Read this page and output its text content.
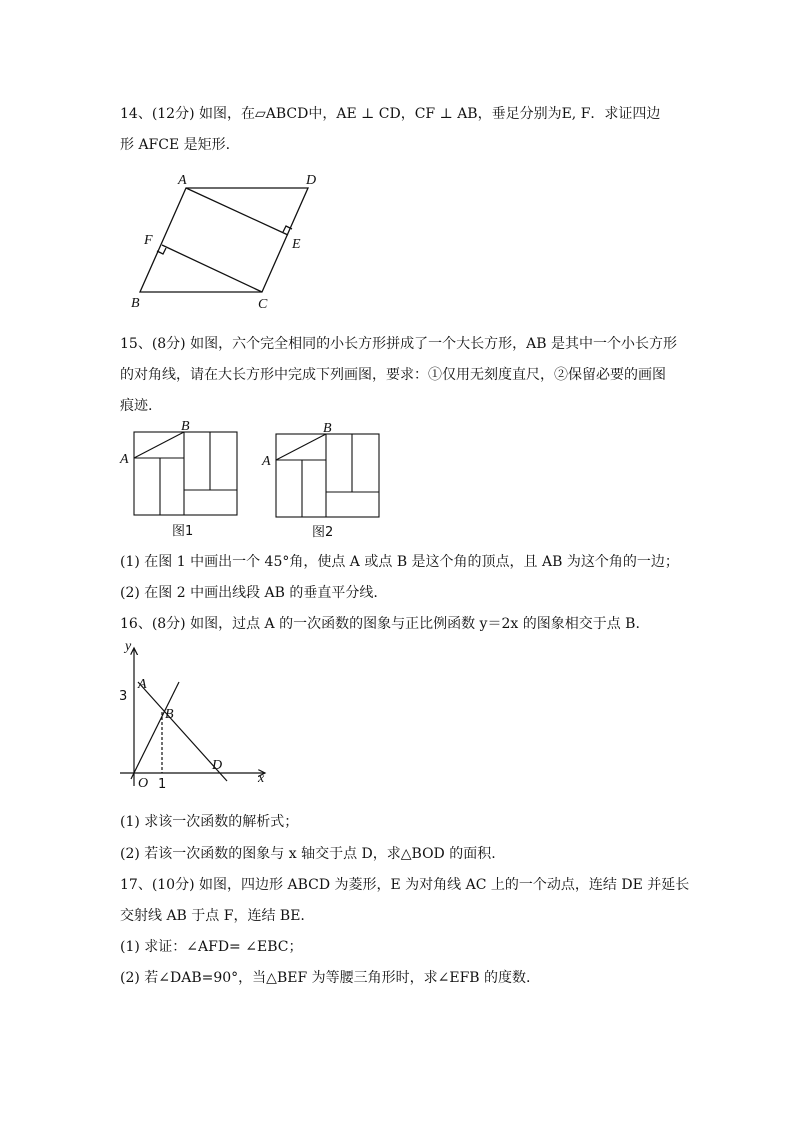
14、(12分) 如图，在▱ABCD中，AE ⊥ CD，CF ⊥ AB，垂足分别为E, F．求证四边
形 AFCE 是矩形.
A	D
E
F
B	C
15、(8分) 如图，六个完全相同的小长方形拼成了一个大长方形，AB 是其中一个小长方形
的对角线，请在大长方形中完成下列画图，要求：①仅用无刻度直尺，②保留必要的画图
痕迹.
A
B
图1
A
B
图2
(1) 在图 1 中画出一个 45°角，使点 A 或点 B 是这个角的顶点，且 AB 为这个角的一边；
(2) 在图 2 中画出线段 AB 的垂直平分线.
16、(8分) 如图，过点 A 的一次函数的图象与正比例函数 y＝2x 的图象相交于点 B.
y
x
A
B
D
O
3
1
(1) 求该一次函数的解析式；
(2) 若该一次函数的图象与 x 轴交于点 D，求△BOD 的面积.
17、(10分) 如图，四边形 ABCD 为菱形，E 为对角线 AC 上的一个动点，连结 DE 并延长
交射线 AB 于点 F，连结 BE.
(1) 求证：∠AFD= ∠EBC；
(2) 若∠DAB=90°，当△BEF 为等腰三角形时，求∠EFB 的度数.
